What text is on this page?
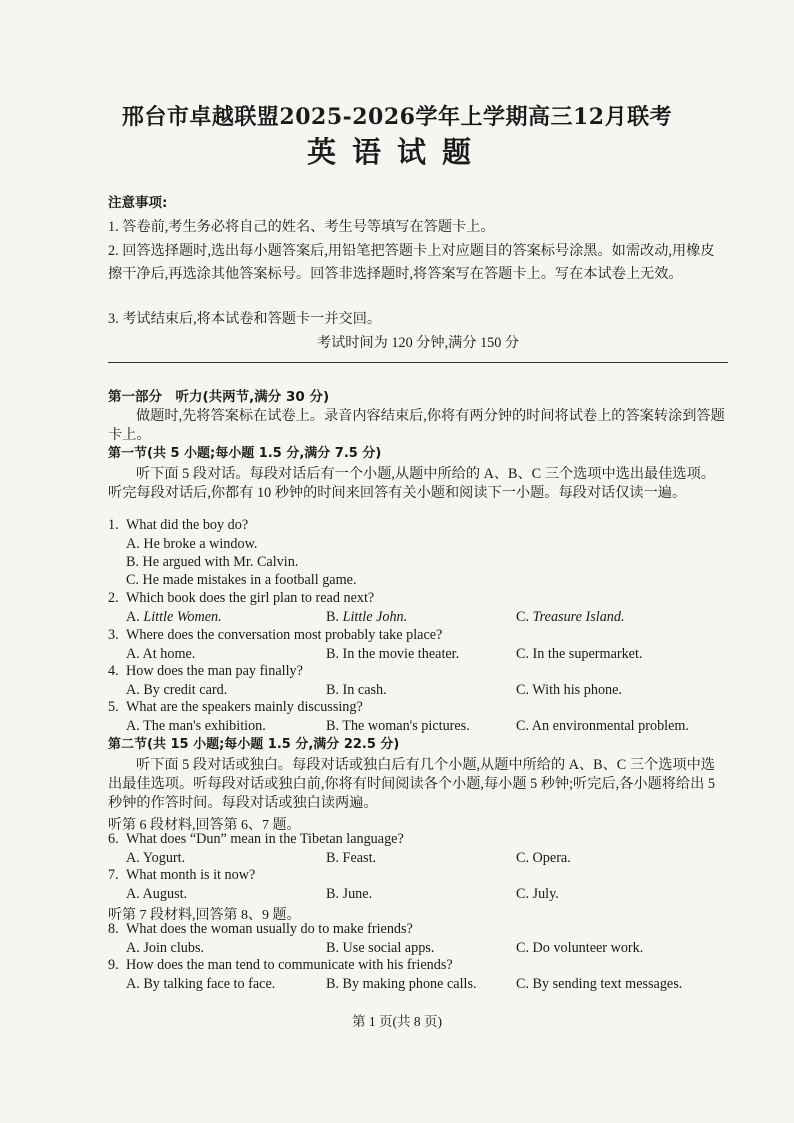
邢台市卓越联盟2025-2026学年上学期高三12月联考
英语试题
注意事项:
1. 答卷前,考生务必将自己的姓名、考生号等填写在答题卡上。
2. 回答选择题时,选出每小题答案后,用铅笔把答题卡上对应题目的答案标号涂黑。如需改动,用橡皮擦干净后,再选涂其他答案标号。回答非选择题时,将答案写在答题卡上。写在本试卷上无效。
3. 考试结束后,将本试卷和答题卡一并交回。
考试时间为 120 分钟,满分 150 分
第一部分　听力(共两节,满分 30 分)
做题时,先将答案标在试卷上。录音内容结束后,你将有两分钟的时间将试卷上的答案转涂到答题卡上。
第一节(共 5 小题;每小题 1.5 分,满分 7.5 分)
听下面 5 段对话。每段对话后有一个小题,从题中所给的 A、B、C 三个选项中选出最佳选项。听完每段对话后,你都有 10 秒钟的时间来回答有关小题和阅读下一小题。每段对话仅读一遍。
1. What did the boy do?
A. He broke a window.
B. He argued with Mr. Calvin.
C. He made mistakes in a football game.
2. Which book does the girl plan to read next?
A. Little Women.	B. Little John.	C. Treasure Island.
3. Where does the conversation most probably take place?
A. At home.	B. In the movie theater.	C. In the supermarket.
4. How does the man pay finally?
A. By credit card.	B. In cash.	C. With his phone.
5. What are the speakers mainly discussing?
A. The man's exhibition.	B. The woman's pictures.	C. An environmental problem.
第二节(共 15 小题;每小题 1.5 分,满分 22.5 分)
听下面 5 段对话或独白。每段对话或独白后有几个小题,从题中所给的 A、B、C 三个选项中选出最佳选项。听每段对话或独白前,你将有时间阅读各个小题,每小题 5 秒钟;听完后,各小题将给出 5 秒钟的作答时间。每段对话或独白读两遍。
听第 6 段材料,回答第 6、7 题。
6. What does “Dun” mean in the Tibetan language?
A. Yogurt.	B. Feast.	C. Opera.
7. What month is it now?
A. August.	B. June.	C. July.
听第 7 段材料,回答第 8、9 题。
8. What does the woman usually do to make friends?
A. Join clubs.	B. Use social apps.	C. Do volunteer work.
9. How does the man tend to communicate with his friends?
A. By talking face to face.	B. By making phone calls.	C. By sending text messages.
第 1 页(共 8 页)
